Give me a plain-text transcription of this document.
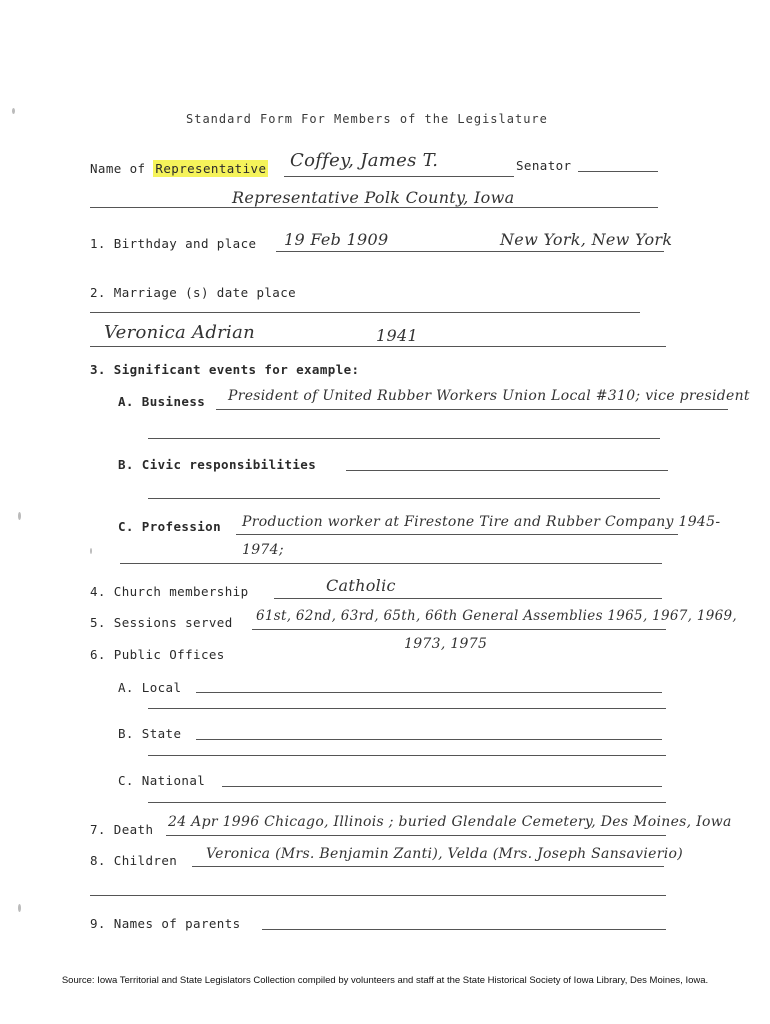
Standard Form For Members of the Legislature
Name of Representative Coffey, James T.	Senator
Representative Polk County, Iowa
1. Birthday and place 19 Feb 1909	New York, New York
2. Marriage (s) date place
Veronica Adrian	1941
3. Significant events for example:
A. Business President of United Rubber Workers Union Local #310; vice president
B. Civic responsibilities
C. Profession Production worker at Firestone Tire and Rubber Company 1945-
1974;
4. Church membership	Catholic
5. Sessions served 61st, 62nd, 63rd, 65th, 66th General Assemblies 1965, 1967, 1969,
1973, 1975
6. Public Offices
A. Local
B. State
C. National
7. Death 24 Apr 1996 Chicago, Illinois ; buried Glendale Cemetery, Des Moines, Iowa
8. Children Veronica (Mrs. Benjamin Zanti), Velda (Mrs. Joseph Sansavierio)
9. Names of parents
Source: Iowa Territorial and State Legislators Collection compiled by volunteers and staff at the State Historical Society of Iowa Library, Des Moines, Iowa.
